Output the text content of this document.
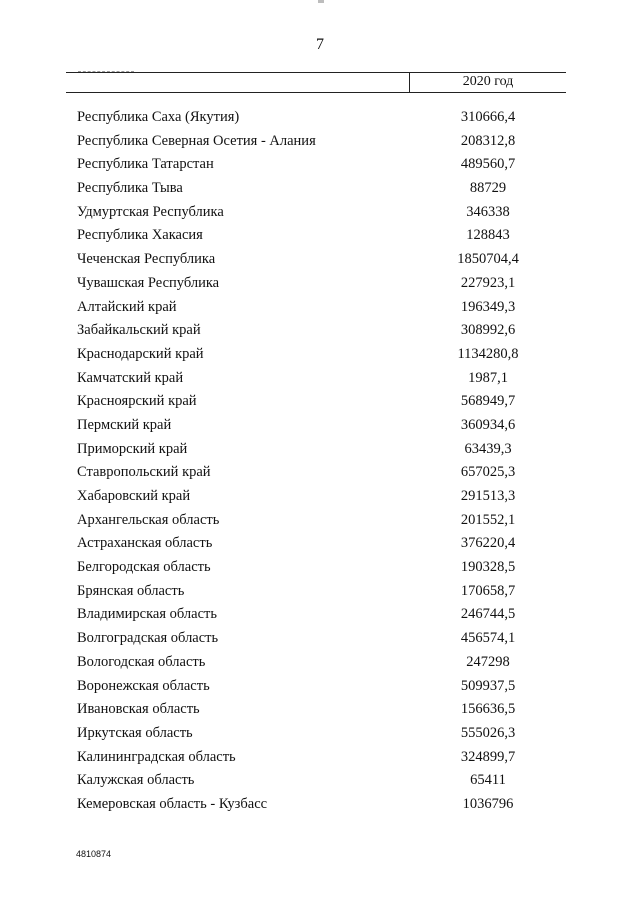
7
2020 год
Республика Саха (Якутия)	310666,4
Республика Северная Осетия - Алания	208312,8
Республика Татарстан	489560,7
Республика Тыва	88729
Удмуртская Республика	346338
Республика Хакасия	128843
Чеченская Республика	1850704,4
Чувашская Республика	227923,1
Алтайский край	196349,3
Забайкальский край	308992,6
Краснодарский край	1134280,8
Камчатский край	1987,1
Красноярский край	568949,7
Пермский край	360934,6
Приморский край	63439,3
Ставропольский край	657025,3
Хабаровский край	291513,3
Архангельская область	201552,1
Астраханская область	376220,4
Белгородская область	190328,5
Брянская область	170658,7
Владимирская область	246744,5
Волгоградская область	456574,1
Вологодская область	247298
Воронежская область	509937,5
Ивановская область	156636,5
Иркутская область	555026,3
Калининградская область	324899,7
Калужская область	65411
Кемеровская область - Кузбасс	1036796
4810874
